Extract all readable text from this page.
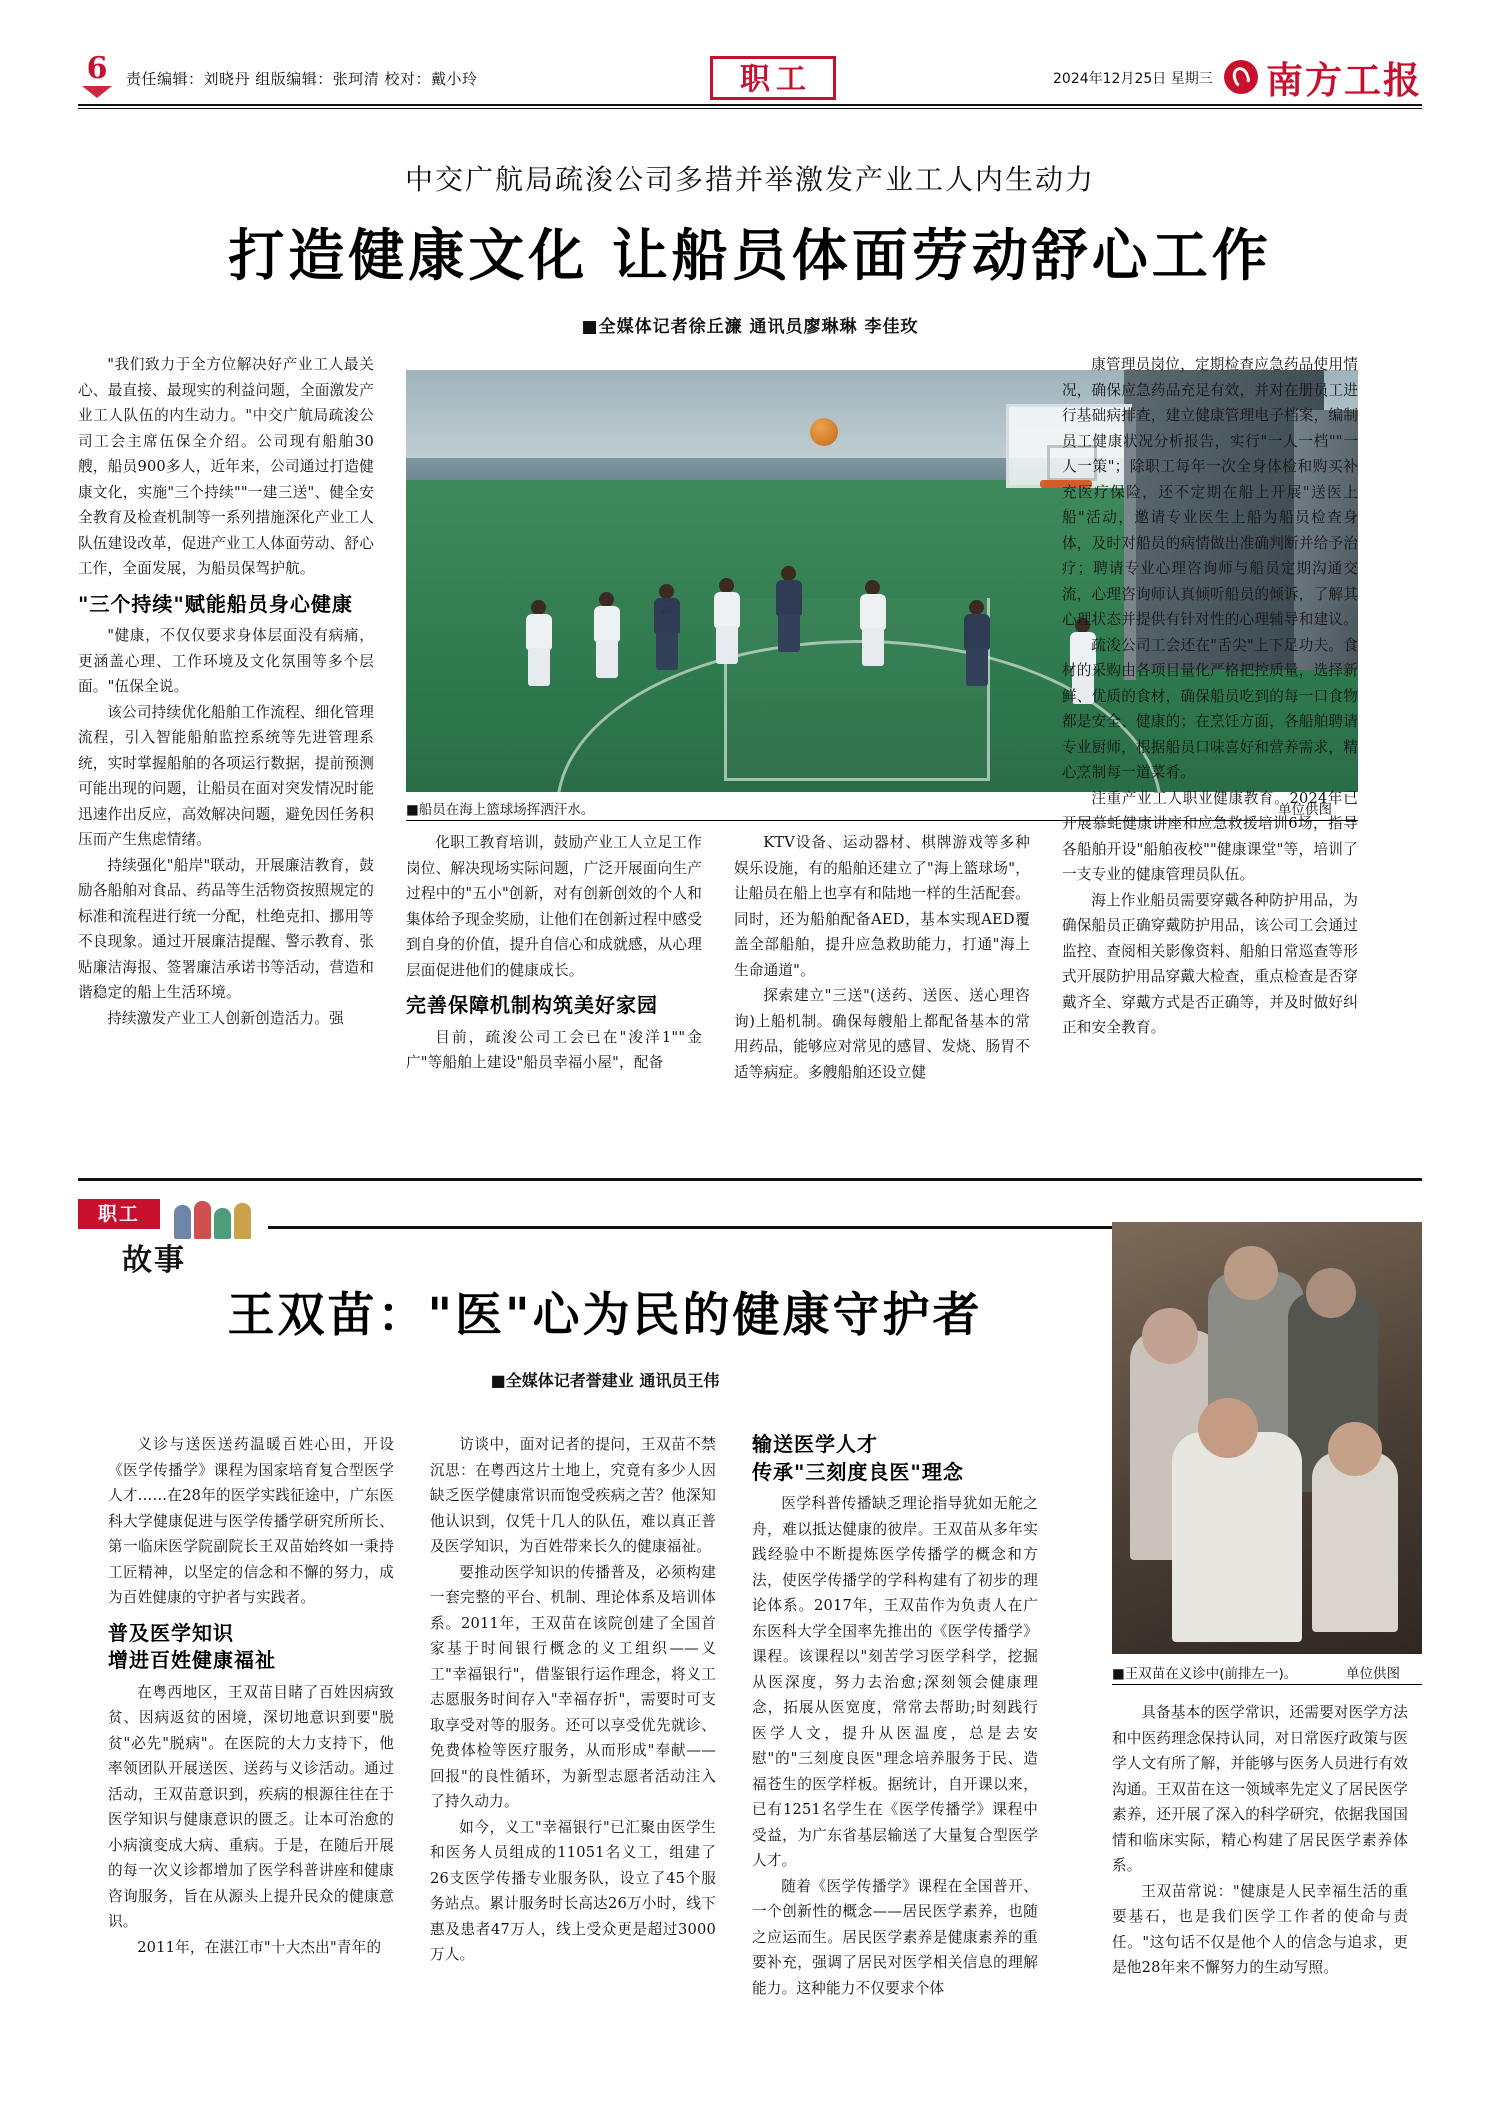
6	责任编辑：刘晓丹 组版编辑：张珂清 校对：戴小玲	职工	2024年12月25日 星期三 南方工报
中交广航局疏浚公司多措并举激发产业工人内生动力
打造健康文化 让船员体面劳动舒心工作
■全媒体记者徐丘濂 通讯员廖琳琳 李佳玫
21
■船员在海上篮球场挥洒汗水。	单位供图

"我们致力于全方位解决好产业工人最关心、最直接、最现实的利益问题，全面激发产业工人队伍的内生动力。"中交广航局疏浚公司工会主席伍保全介绍。公司现有船舶30艘，船员900多人，近年来，公司通过打造健康文化，实施"三个持续""一建三送"、健全安全教育及检查机制等一系列措施深化产业工人队伍建设改革，促进产业工人体面劳动、舒心工作，全面发展，为船员保驾护航。

"三个持续"赋能船员身心健康

"健康，不仅仅要求身体层面没有病痛，更涵盖心理、工作环境及文化氛围等多个层面。"伍保全说。

该公司持续优化船舶工作流程、细化管理流程，引入智能船舶监控系统等先进管理系统，实时掌握船舶的各项运行数据，提前预测可能出现的问题，让船员在面对突发情况时能迅速作出反应，高效解决问题，避免因任务积压而产生焦虑情绪。

持续强化"船岸"联动，开展廉洁教育，鼓励各船舶对食品、药品等生活物资按照规定的标准和流程进行统一分配，杜绝克扣、挪用等不良现象。通过开展廉洁提醒、警示教育、张贴廉洁海报、签署廉洁承诺书等活动，营造和谐稳定的船上生活环境。

持续激发产业工人创新创造活力。强

化职工教育培训，鼓励产业工人立足工作岗位、解决现场实际问题，广泛开展面向生产过程中的"五小"创新，对有创新创效的个人和集体给予现金奖励，让他们在创新过程中感受到自身的价值，提升自信心和成就感，从心理层面促进他们的健康成长。

完善保障机制构筑美好家园

目前，疏浚公司工会已在"浚洋1""金广"等船舶上建设"船员幸福小屋"，配备

KTV设备、运动器材、棋牌游戏等多种娱乐设施，有的船舶还建立了"海上篮球场"，让船员在船上也享有和陆地一样的生活配套。同时，还为船舶配备AED，基本实现AED覆盖全部船舶，提升应急救助能力，打通"海上生命通道"。

探索建立"三送"(送药、送医、送心理咨询)上船机制。确保每艘船上都配备基本的常用药品，能够应对常见的感冒、发烧、肠胃不适等病症。多艘船舶还设立健

康管理员岗位，定期检查应急药品使用情况，确保应急药品充足有效，并对在册员工进行基础病排查，建立健康管理电子档案，编制员工健康状况分析报告，实行"一人一档""一人一策"；除职工每年一次全身体检和购买补充医疗保险，还不定期在船上开展"送医上船"活动，邀请专业医生上船为船员检查身体，及时对船员的病情做出准确判断并给予治疗；聘请专业心理咨询师与船员定期沟通交流，心理咨询师认真倾听船员的倾诉，了解其心理状态并提供有针对性的心理辅导和建议。

疏浚公司工会还在"舌尖"上下足功夫。食材的采购由各项目量化严格把控质量，选择新鲜、优质的食材，确保船员吃到的每一口食物都是安全、健康的；在烹饪方面，各船舶聘请专业厨师，根据船员口味喜好和营养需求，精心烹制每一道菜肴。

注重产业工人职业健康教育。2024年已开展慕蚝健康讲座和应急救援培训6场，指导各船舶开设"船舶夜校""健康课堂"等，培训了一支专业的健康管理员队伍。

海上作业船员需要穿戴各种防护用品，为确保船员正确穿戴防护用品，该公司工会通过监控、查阅相关影像资料、船舶日常巡查等形式开展防护用品穿戴大检查，重点检查是否穿戴齐全、穿戴方式是否正确等，并及时做好纠正和安全教育。

职工
故事
王双苗："医"心为民的健康守护者
■全媒体记者誉建业 通讯员王伟
■王双苗在义诊中(前排左一)。	单位供图

义诊与送医送药温暖百姓心田，开设《医学传播学》课程为国家培育复合型医学人才……在28年的医学实践征途中，广东医科大学健康促进与医学传播学研究所所长、第一临床医学院副院长王双苗始终如一秉持工匠精神，以坚定的信念和不懈的努力，成为百姓健康的守护者与实践者。

普及医学知识
增进百姓健康福祉

在粤西地区，王双苗目睹了百姓因病致贫、因病返贫的困境，深切地意识到要"脱贫"必先"脱病"。在医院的大力支持下，他率领团队开展送医、送药与义诊活动。通过活动，王双苗意识到，疾病的根源往往在于医学知识与健康意识的匮乏。让本可治愈的小病演变成大病、重病。于是，在随后开展的每一次义诊都增加了医学科普讲座和健康咨询服务，旨在从源头上提升民众的健康意识。

2011年，在湛江市"十大杰出"青年的

访谈中，面对记者的提问，王双苗不禁沉思：在粤西这片土地上，究竟有多少人因缺乏医学健康常识而饱受疾病之苦？他深知他认识到，仅凭十几人的队伍，难以真正普及医学知识，为百姓带来长久的健康福祉。

要推动医学知识的传播普及，必须构建一套完整的平台、机制、理论体系及培训体系。2011年，王双苗在该院创建了全国首家基于时间银行概念的义工组织——义工"幸福银行"，借鉴银行运作理念，将义工志愿服务时间存入"幸福存折"，需要时可支取享受对等的服务。还可以享受优先就诊、免费体检等医疗服务，从而形成"奉献——回报"的良性循环，为新型志愿者活动注入了持久动力。

如今，义工"幸福银行"已汇聚由医学生和医务人员组成的11051名义工，组建了26支医学传播专业服务队，设立了45个服务站点。累计服务时长高达26万小时，线下惠及患者47万人，线上受众更是超过3000万人。

输送医学人才
传承"三刻度良医"理念

医学科普传播缺乏理论指导犹如无舵之舟，难以抵达健康的彼岸。王双苗从多年实践经验中不断提炼医学传播学的概念和方法，使医学传播学的学科构建有了初步的理论体系。2017年，王双苗作为负责人在广东医科大学全国率先推出的《医学传播学》课程。该课程以"刻苦学习医学科学，挖掘从医深度，努力去治愈;深刻领会健康理念，拓展从医宽度，常常去帮助;时刻践行医学人文，提升从医温度，总是去安慰"的"三刻度良医"理念培养服务于民、造福苍生的医学样板。据统计，自开课以来，已有1251名学生在《医学传播学》课程中受益，为广东省基层输送了大量复合型医学人才。

随着《医学传播学》课程在全国普开、一个创新性的概念——居民医学素养，也随之应运而生。居民医学素养是健康素养的重要补充，强调了居民对医学相关信息的理解能力。这种能力不仅要求个体

具备基本的医学常识，还需要对医学方法和中医药理念保持认同，对日常医疗政策与医学人文有所了解，并能够与医务人员进行有效沟通。王双苗在这一领域率先定义了居民医学素养，还开展了深入的科学研究，依据我国国情和临床实际，精心构建了居民医学素养体系。

王双苗常说："健康是人民幸福生活的重要基石，也是我们医学工作者的使命与责任。"这句话不仅是他个人的信念与追求，更是他28年来不懈努力的生动写照。
